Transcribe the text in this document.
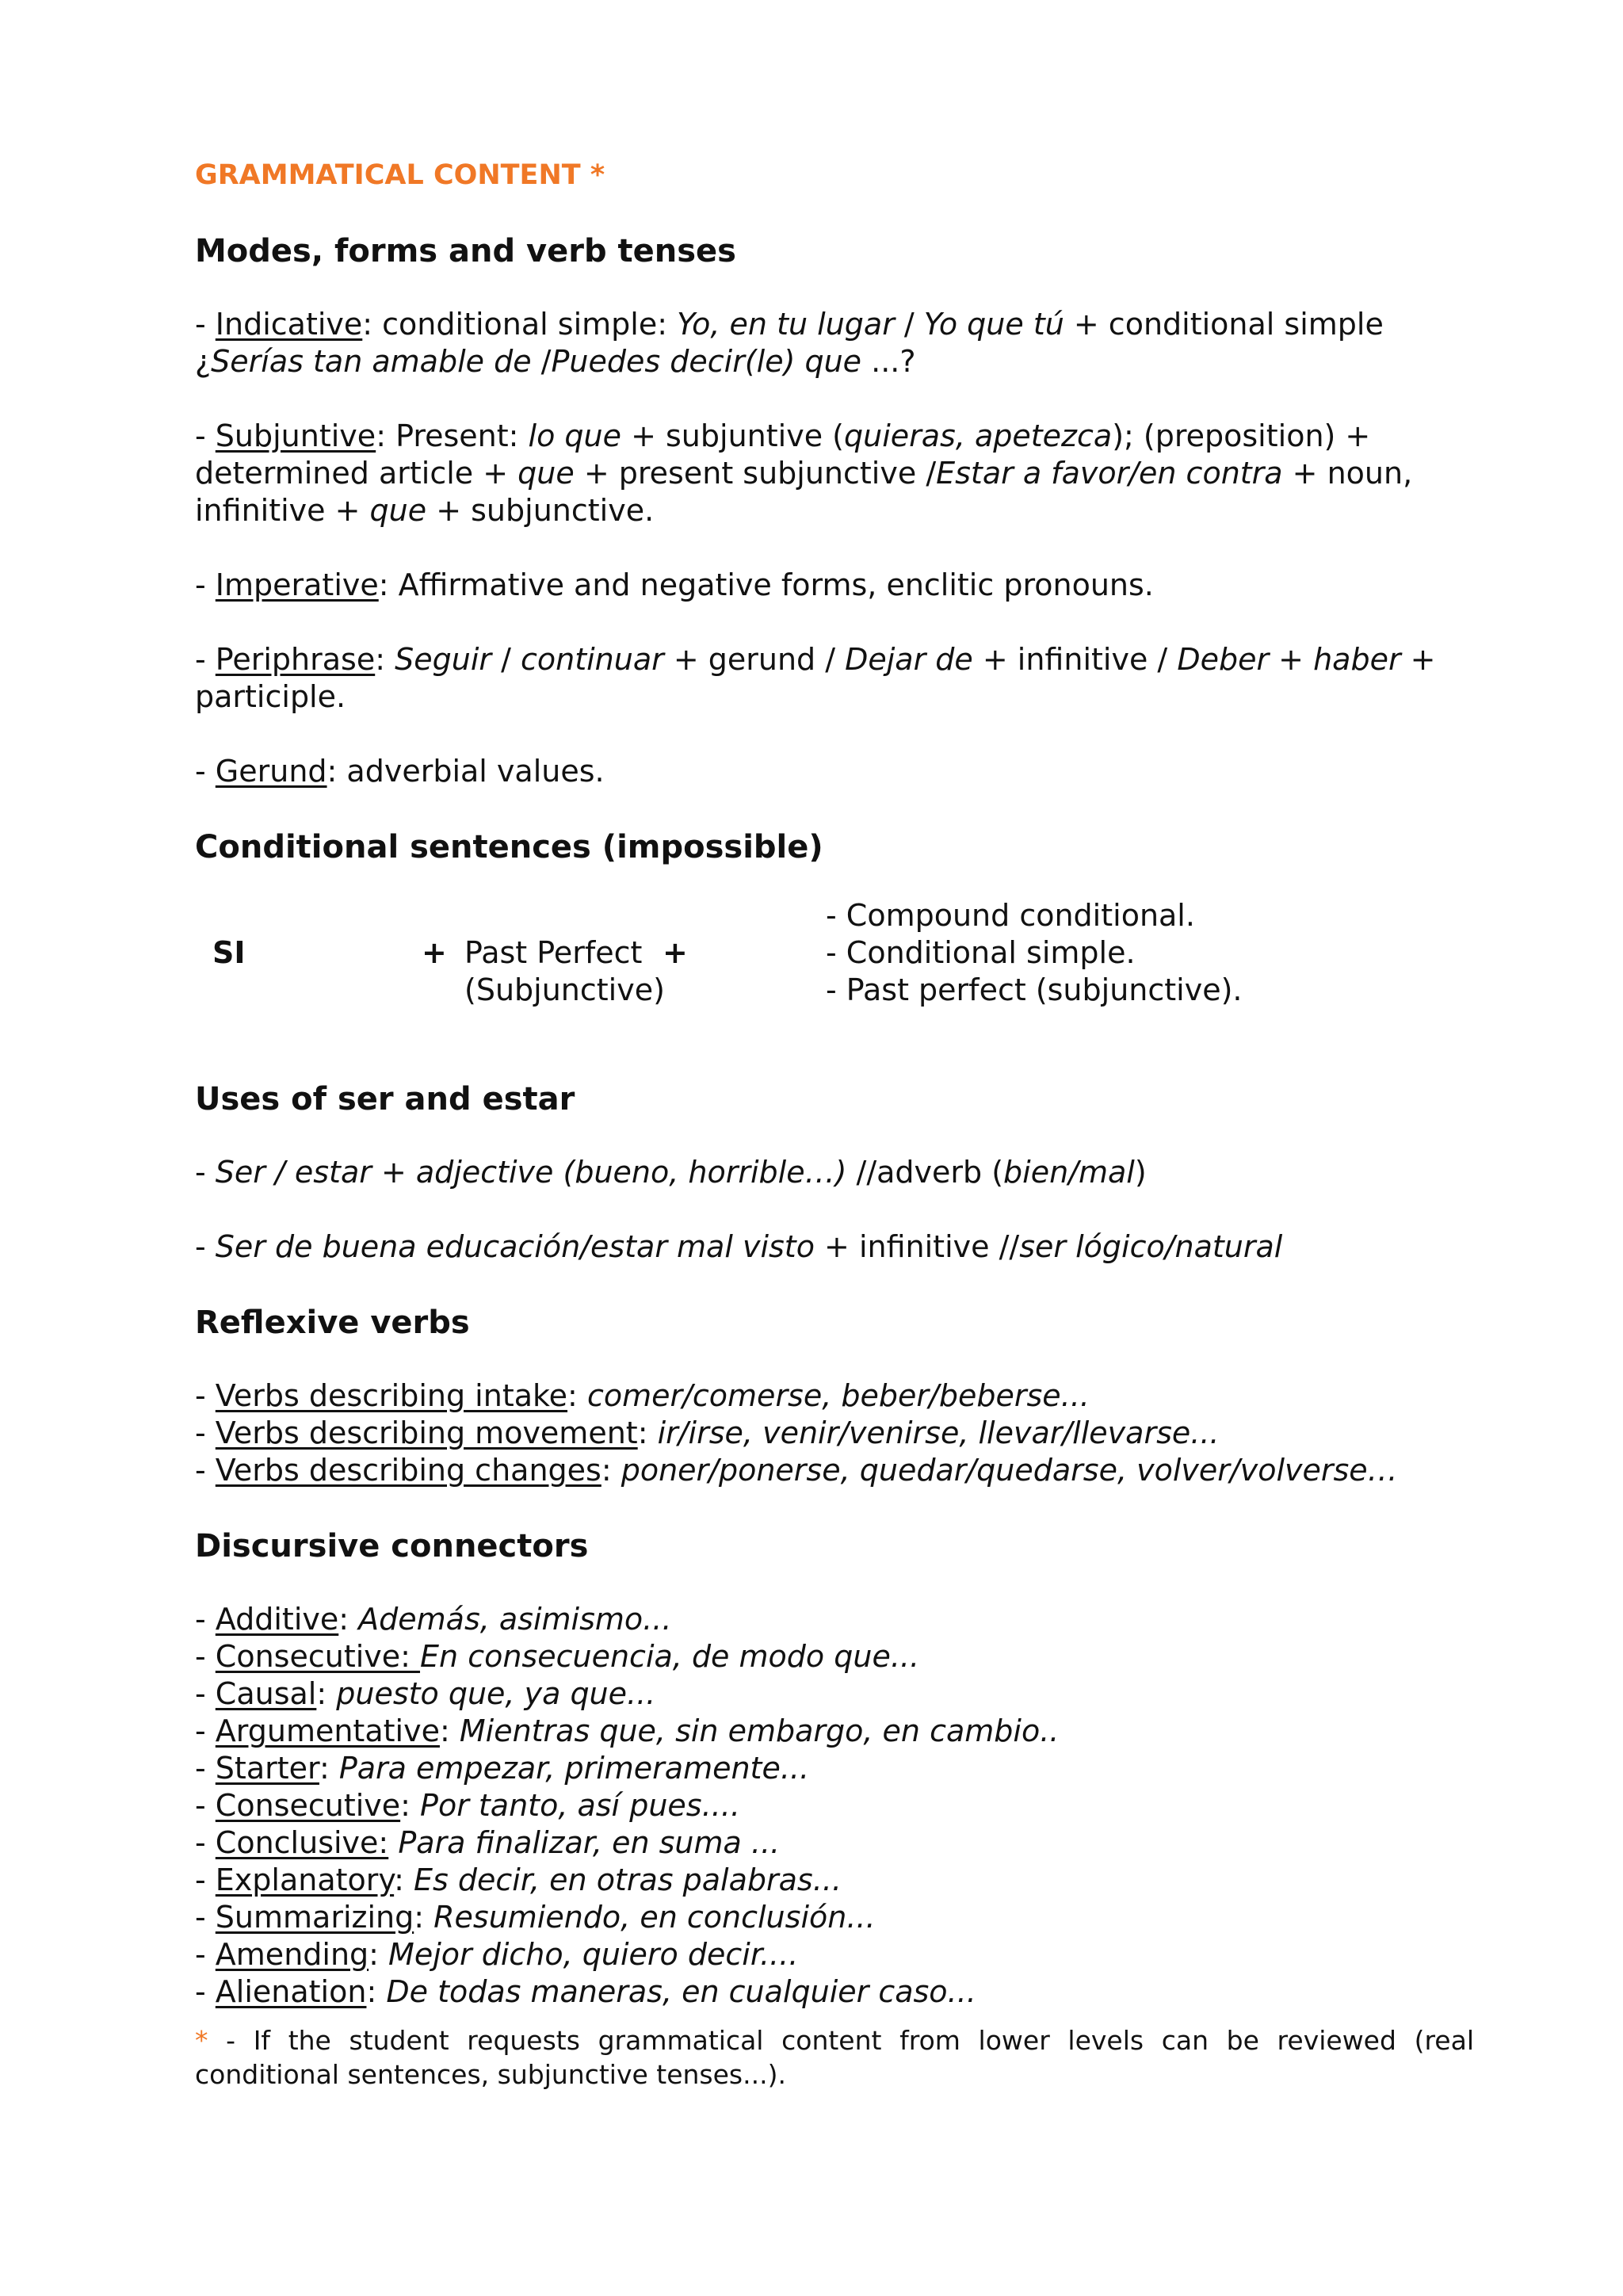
GRAMMATICAL CONTENT *
Modes, forms and verb tenses

- Indicative: conditional simple: Yo, en tu lugar / Yo que tú + conditional simple ¿Serías tan amable de /Puedes decir(le) que ...?

- Subjuntive: Present: lo que + subjuntive (quieras, apetezca); (preposition) + determined article + que + present subjunctive /Estar a favor/en contra + noun, infinitive + que + subjunctive.

- Imperative: Affirmative and negative forms, enclitic pronouns.

- Periphrase: Seguir / continuar + gerund / Dejar de + infinitive / Deber + haber + participle.

- Gerund: adverbial values.

Conditional sentences (impossible)
SI	+ Past Perfect (Subjunctive)
+
- Compound conditional.
- Conditional simple.
- Past perfect (subjunctive).
Uses of ser and estar

- Ser / estar + adjective (bueno, horrible…) //adverb (bien/mal)

- Ser de buena educación/estar mal visto + infinitive //ser lógico/natural

Reflexive verbs

- Verbs describing intake: comer/comerse, beber/beberse...

- Verbs describing movement: ir/irse, venir/venirse, llevar/llevarse...

- Verbs describing changes: poner/ponerse, quedar/quedarse, volver/volverse…

Discursive connectors

- Additive: Además, asimismo...

- Consecutive: En consecuencia, de modo que...

- Causal: puesto que, ya que...

- Argumentative: Mientras que, sin embargo, en cambio..

- Starter: Para empezar, primeramente...

- Consecutive: Por tanto, así pues....

- Conclusive: Para finalizar, en suma ...

- Explanatory: Es decir, en otras palabras...

- Summarizing: Resumiendo, en conclusión...

- Amending: Mejor dicho, quiero decir....

- Alienation: De todas maneras, en cualquier caso...

* - If the student requests grammatical content from lower levels can be reviewed (real conditional sentences, subjunctive tenses...).
